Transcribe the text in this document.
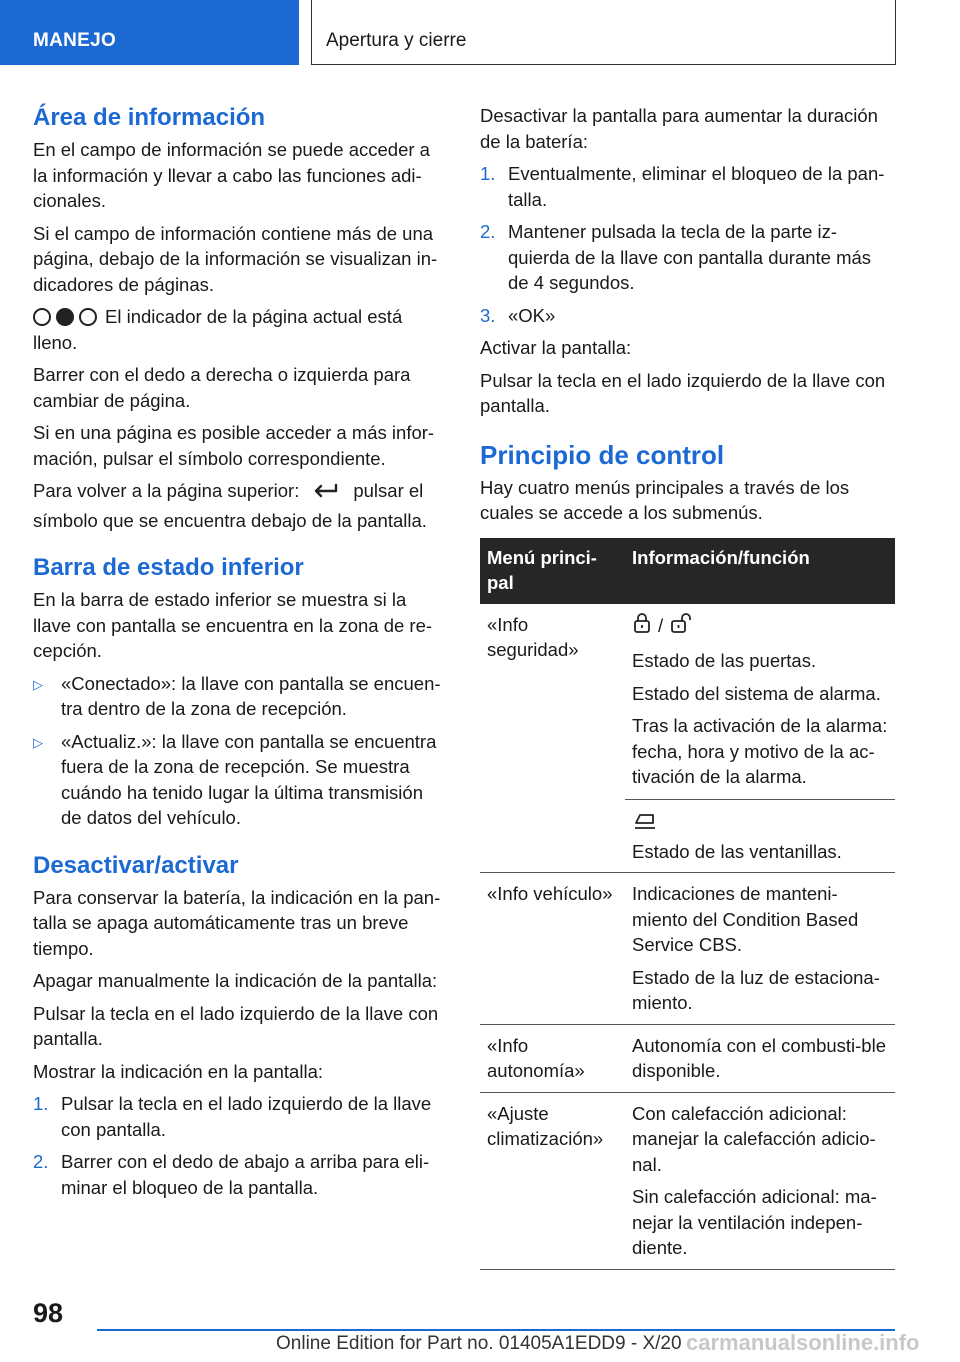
MANEJO	Apertura y cierre
Área de información

En el campo de información se puede acceder a la información y llevar a cabo las funciones adi-cionales.

Si el campo de información contiene más de una página, debajo de la información se visualizan in-dicadores de páginas.

El indicador de la página actual está lleno.

Barrer con el dedo a derecha o izquierda para cambiar de página.

Si en una página es posible acceder a más infor-mación, pulsar el símbolo correspondiente.

Para volver a la página superior:	pulsar el símbolo que se encuentra debajo de la pantalla.

Barra de estado inferior

En la barra de estado inferior se muestra si la llave con pantalla se encuentra en la zona de re-cepción.

▷ «Conectado»: la llave con pantalla se encuen-tra dentro de la zona de recepción.
▷ «Actualiz.»: la llave con pantalla se encuentra fuera de la zona de recepción. Se muestra cuándo ha tenido lugar la última transmisión de datos del vehículo.
Desactivar/activar

Para conservar la batería, la indicación en la pan-talla se apaga automáticamente tras un breve tiempo.

Apagar manualmente la indicación de la pantalla:

Pulsar la tecla en el lado izquierdo de la llave con pantalla.

Mostrar la indicación en la pantalla:

1. Pulsar la tecla en el lado izquierdo de la llave con pantalla.
2. Barrer con el dedo de abajo a arriba para eli-minar el bloqueo de la pantalla.

Desactivar la pantalla para aumentar la duración de la batería:

1. Eventualmente, eliminar el bloqueo de la pan-talla.
2. Mantener pulsada la tecla de la parte iz-quierda de la llave con pantalla durante más de 4 segundos.
3. «OK»

Activar la pantalla:

Pulsar la tecla en el lado izquierdo de la llave con pantalla.

Principio de control

Hay cuatro menús principales a través de los cuales se accede a los submenús.

Menú princi-pal	Información/función
«Info seguridad»	/

Estado de las puertas.

Estado del sistema de alarma.

Tras la activación de la alarma: fecha, hora y motivo de la ac-tivación de la alarma.

Estado de las ventanillas.

«Info vehículo»	Indicaciones de manteni-miento del Condition Based Service CBS.

Estado de la luz de estaciona-miento.

«Info autonomía»	Autonomía con el combusti-ble disponible.

«Ajuste climatización»	Con calefacción adicional: manejar la calefacción adicio-nal.

Sin calefacción adicional: ma-nejar la ventilación indepen-diente.

98
Online Edition for Part no. 01405A1EDD9 - X/20 carmanualsonline.info
